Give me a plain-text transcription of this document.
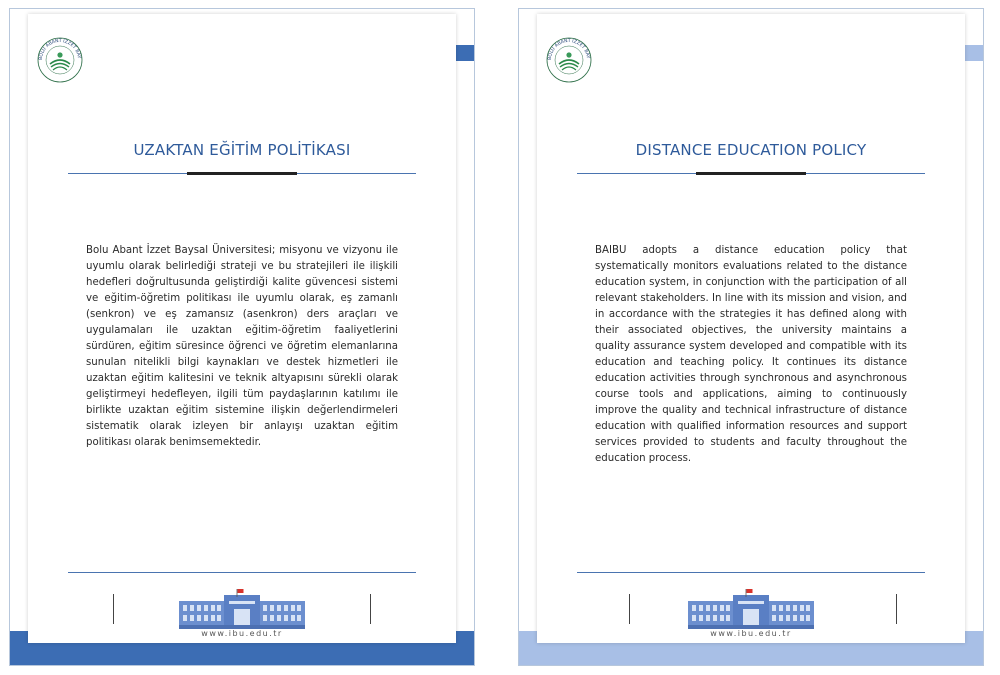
BOLU ABANT İZZET BAY
UZAKTAN EĞİTİM POLİTİKASI
Bolu Abant İzzet Baysal Üniversitesi; misyonu ve vizyonu ile uyumlu olarak belirlediği strateji ve bu stratejileri ile ilişkili hedefleri doğrultusunda geliştirdiği kalite güvencesi sistemi ve eğitim-öğretim politikası ile uyumlu olarak, eş zamanlı (senkron) ve eş zamansız (asenkron) ders araçları ve uygulamaları ile uzaktan eğitim-öğretim faaliyetlerini sürdüren, eğitim süresince öğrenci ve öğretim elemanlarına sunulan nitelikli bilgi kaynakları ve destek hizmetleri ile uzaktan eğitim kalitesini ve teknik altyapısını sürekli olarak geliştirmeyi hedefleyen, ilgili tüm paydaşlarının katılımı ile birlikte uzaktan eğitim sistemine ilişkin değerlendirmeleri sistematik olarak izleyen bir anlayışı uzaktan eğitim politikası olarak benimsemektedir.
www.ibu.edu.tr
BOLU ABANT İZZET BAY
DISTANCE EDUCATION POLICY
BAIBU adopts a distance education policy that systematically monitors evaluations related to the distance education system, in conjunction with the participation of all relevant stakeholders. In line with its mission and vision, and in accordance with the strategies it has defined along with their associated objectives, the university maintains a quality assurance system developed and compatible with its education and teaching policy. It continues its distance education activities through synchronous and asynchronous course tools and applications, aiming to continuously improve the quality and technical infrastructure of distance education with qualified information resources and support services provided to students and faculty throughout the education process.
www.ibu.edu.tr
